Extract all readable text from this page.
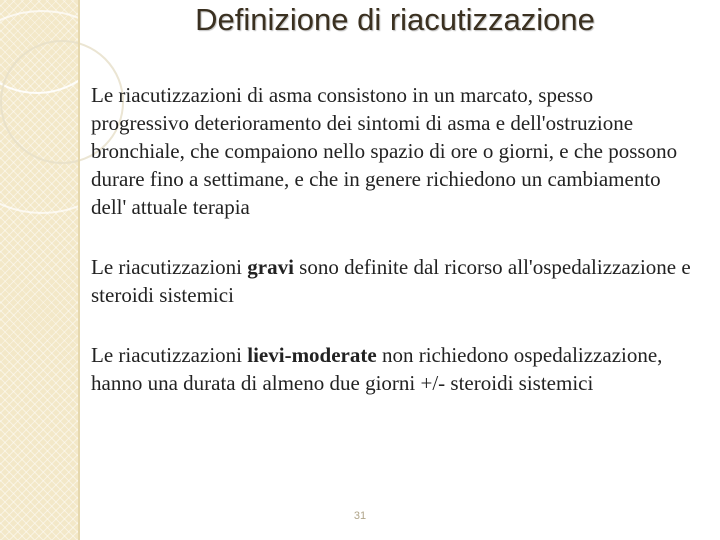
Definizione di riacutizzazione
Le riacutizzazioni di asma consistono in un marcato, spesso progressivo deterioramento dei sintomi di asma e dell'ostruzione bronchiale, che compaiono nello spazio di ore o giorni, e che possono durare fino a settimane, e che in genere richiedono un cambiamento dell' attuale terapia
Le riacutizzazioni gravi sono definite dal ricorso all'ospedalizzazione e steroidi sistemici
Le riacutizzazioni lievi-moderate non richiedono ospedalizzazione, hanno una durata di almeno due giorni +/- steroidi sistemici
31
